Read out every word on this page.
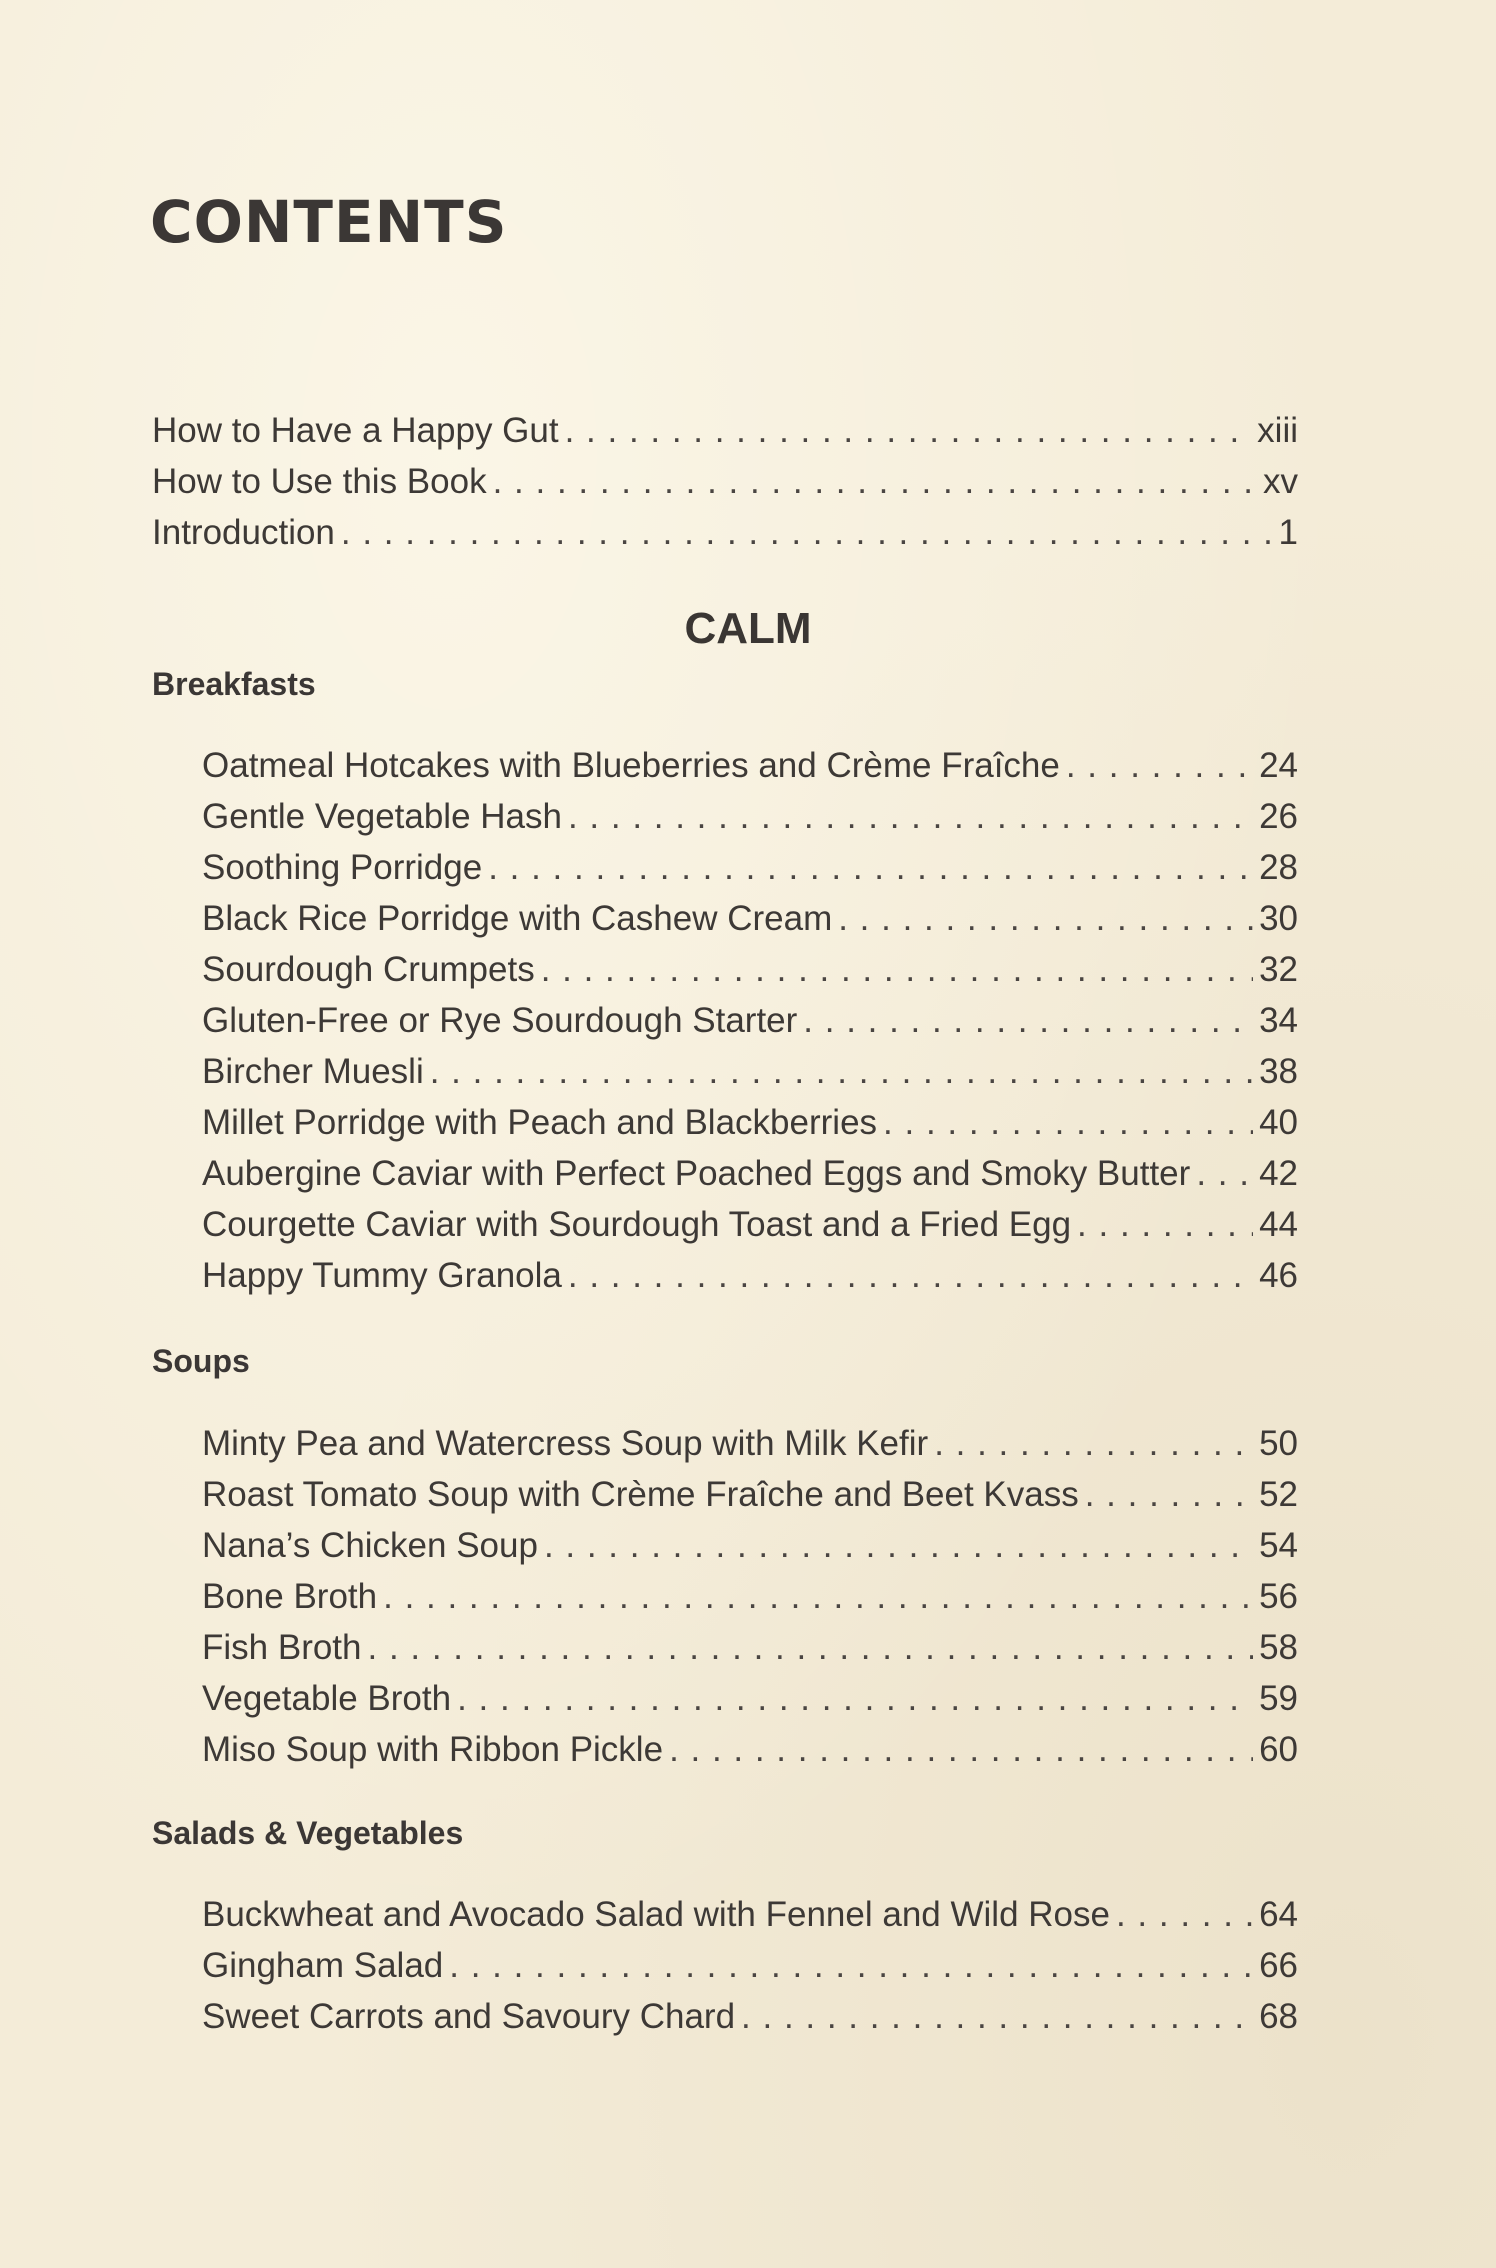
CONTENTS
How to Have a Happy Gut . . .	xiii
How to Use this Book . . .	xv
Introduction . . .	1
CALM
Breakfasts
Oatmeal Hotcakes with Blueberries and Crème Fraîche . . .	24
Gentle Vegetable Hash . . .	26
Soothing Porridge . . .	28
Black Rice Porridge with Cashew Cream . . .	30
Sourdough Crumpets . . .	32
Gluten-Free or Rye Sourdough Starter . . .	34
Bircher Muesli . . .	38
Millet Porridge with Peach and Blackberries . . .	40
Aubergine Caviar with Perfect Poached Eggs and Smoky Butter . . . 42
Courgette Caviar with Sourdough Toast and a Fried Egg . . .	44
Happy Tummy Granola . . .	46
Soups
Minty Pea and Watercress Soup with Milk Kefir . . .	50
Roast Tomato Soup with Crème Fraîche and Beet Kvass . . .	52
Nana’s Chicken Soup . . .	54
Bone Broth . . .	56
Fish Broth . . .	58
Vegetable Broth . . .	59
Miso Soup with Ribbon Pickle . . .	60
Salads & Vegetables
Buckwheat and Avocado Salad with Fennel and Wild Rose . . .	64
Gingham Salad . . .	66
Sweet Carrots and Savoury Chard . . .	68
